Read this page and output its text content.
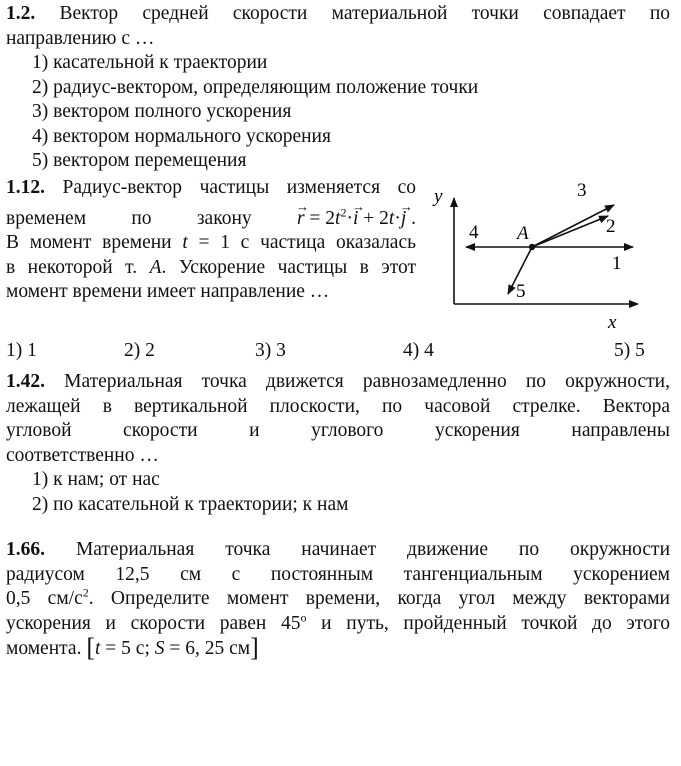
1.2. Вектор средней скорости материальной точки совпадает по
направлению с …
1) касательной к траектории
2) радиус-вектором, определяющим положение точки
3) вектором полного ускорения
4) вектором нормального ускорения
5) вектором перемещения
1.12. Радиус-вектор частицы изменяется со
временем по закону
→ $r = 2t^2\cdot\to i + 2t\cdot\to j$ .
В момент времени t = 1 с частица оказалась
в некоторой т. A. Ускорение частицы в этот
момент времени имеет направление …
y
x
A
1
2
3
4
5
1) 1	2) 2	3) 3	4) 4	5) 5
1.42. Материальная точка движется равнозамедленно по окружности,
лежащей в вертикальной плоскости, по часовой стрелке. Вектора
угловой	скорости	и	углового	ускорения	направлены
соответственно …
1) к нам; от нас
2) по касательной к траектории; к нам
1.66. Материальная точка начинает движение по окружности
радиусом 12,5 см с постоянным тангенциальным ускорением
0,5 $см/с^2$. Определите момент времени, когда угол между векторами
ускорения и скорости равен 45$^o$ и путь, пройденный точкой до этого
момента. [t = 5 с; S = 6, 25 см]
